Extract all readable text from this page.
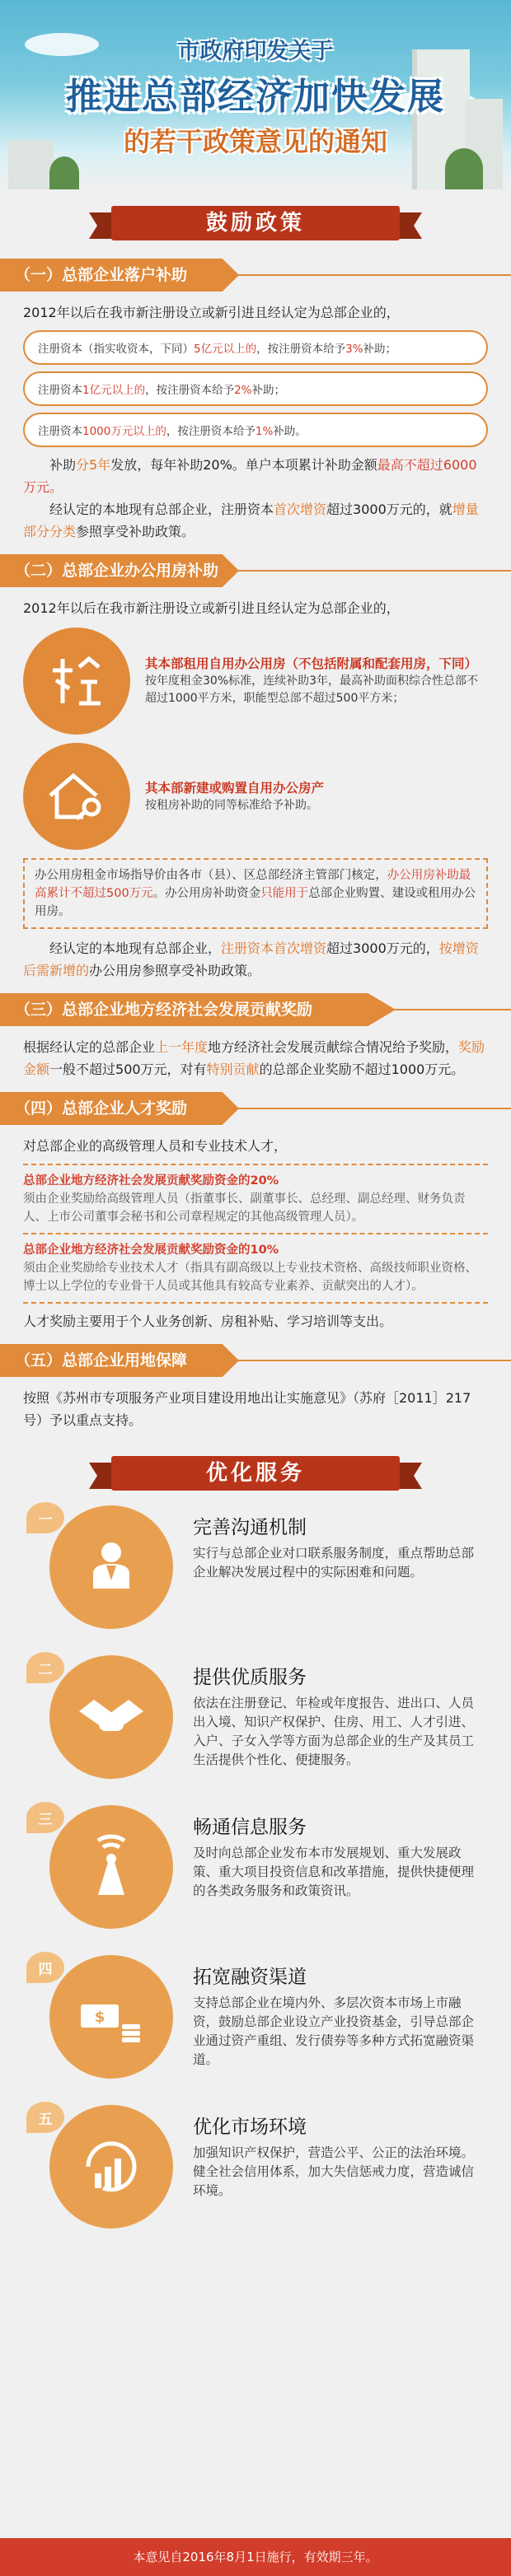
市政府印发关于
推进总部经济加快发展
的若干政策意见的通知
鼓励政策
（一）总部企业落户补助
2012年以后在我市新注册设立或新引进且经认定为总部企业的，
注册资本（指实收资本，下同）5亿元以上的，按注册资本给予3%补助；
注册资本1亿元以上的，按注册资本给予2%补助；
注册资本1000万元以上的，按注册资本给予1%补助。
补助分5年发放，每年补助20%。单户本项累计补助金额最高不超过6000万元。
经认定的本地现有总部企业，注册资本首次增资超过3000万元的，就增量部分分类参照享受补助政策。
（二）总部企业办公用房补助
2012年以后在我市新注册设立或新引进且经认定为总部企业的，
其本部租用自用办公用房（不包括附属和配套用房，下同）
按年度租金30%标准，连续补助3年，最高补助面积综合性总部不超过1000平方米，职能型总部不超过500平方米；
其本部新建或购置自用办公房产
按租房补助的同等标准给予补助。
办公用房租金市场指导价由各市（县）、区总部经济主管部门核定，办公用房补助最高累计不超过500万元。办公用房补助资金只能用于总部企业购置、建设或租用办公用房。
经认定的本地现有总部企业，注册资本首次增资超过3000万元的，按增资后需新增的办公用房参照享受补助政策。
（三）总部企业地方经济社会发展贡献奖励
根据经认定的总部企业上一年度地方经济社会发展贡献综合情况给予奖励，奖励金额一般不超过500万元，对有特别贡献的总部企业奖励不超过1000万元。
（四）总部企业人才奖励
对总部企业的高级管理人员和专业技术人才，
总部企业地方经济社会发展贡献奖励资金的20%
须由企业奖励给高级管理人员（指董事长、副董事长、总经理、副总经理、财务负责人、上市公司董事会秘书和公司章程规定的其他高级管理人员）。
总部企业地方经济社会发展贡献奖励资金的10%
须由企业奖励给专业技术人才（指具有副高级以上专业技术资格、高级技师职业资格、博士以上学位的专业骨干人员或其他具有较高专业素养、贡献突出的人才）。
人才奖励主要用于个人业务创新、房租补贴、学习培训等支出。
（五）总部企业用地保障
按照《苏州市专项服务产业项目建设用地出让实施意见》（苏府［2011］217号）予以重点支持。
优化服务
一	完善沟通机制
实行与总部企业对口联系服务制度，重点帮助总部企业解决发展过程中的实际困难和问题。
二	提供优质服务
依法在注册登记、年检或年度报告、进出口、人员出入境、知识产权保护、住房、用工、人才引进、入户、子女入学等方面为总部企业的生产及其员工生活提供个性化、便捷服务。
三	畅通信息服务
及时向总部企业发布本市发展规划、重大发展政策、重大项目投资信息和改革措施，提供快捷便理的各类政务服务和政策资讯。
四
$
拓宽融资渠道
支持总部企业在境内外、多层次资本市场上市融资，鼓励总部企业设立产业投资基金，引导总部企业通过资产重组、发行债券等多种方式拓宽融资渠道。
五	优化市场环境
加强知识产权保护，营造公平、公正的法治环境。健全社会信用体系，加大失信惩戒力度，营造诚信环境。
本意见自2016年8月1日施行，有效期三年。
